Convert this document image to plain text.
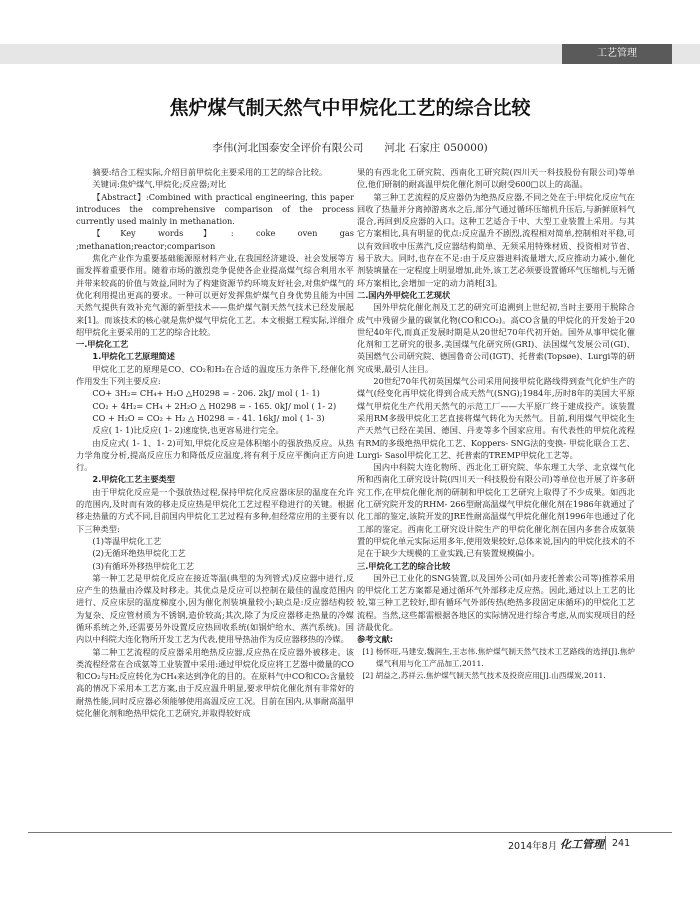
工艺管理
焦炉煤气制天然气中甲烷化工艺的综合比较
李伟(河北国泰安全评价有限公司　　河北 石家庄 050000)

摘要:结合工程实际,介绍目前甲烷化主要采用的工艺的综合比较。

关键词:焦炉煤气,甲烷化;反应器;对比

【Abstract】:Combined with practical engineering, this paper introduces the comprehensive comparison of the process currently used mainly in methanation.

【Key words】: coke oven gas ;methanation;reactor;comparison

焦化产业作为重要基础能源原材料产业,在我国经济建设、社会发展等方面发挥着重要作用。随着市场的激烈竞争促使各企业提高煤气综合利用水平并带来较高的价值与效益,同时为了构建资源节约环境友好社会,对焦炉煤气的优化利用提出更高的要求。一种可以更好发挥焦炉煤气自身优势且能为中国天然气提供有效补充气源的新型技术——焦炉煤气制天然气技术已经发展起来[1]。而该技术的核心就是焦炉煤气甲烷化工艺。本文根据工程实际,详细介绍甲烷化主要采用的工艺的综合比较。

一.甲烷化工艺

1.甲烷化工艺原理简述

甲烷化工艺的原理是CO、CO₂和H₂在合适的温度压力条件下,经催化剂作用发生下列主要反应:

CO+ 3H₂= CH₄+ H₂O △H0298 = - 206. 2kJ/ mol ( 1- 1)

CO₂ + 4H₂= CH₄ + 2H₂O △ H0298 = - 165. 0kJ/ mol ( 1- 2)

CO + H₂O = CO₂ + H₂ △ H0298 = - 41. 16kJ/ mol ( 1- 3)

反应( 1- 1)比反应( 1- 2)速度快,也更容易进行完全。

由反应式( 1- 1、1- 2)可知,甲烷化反应是体积缩小的强放热反应。从热力学角度分析,提高反应压力和降低反应温度,将有利于反应平衡向正方向进行。

2.甲烷化工艺主要类型

由于甲烷化反应是一个强放热过程,保持甲烷化反应器床层的温度在允许的范围内,及时而有效的移走反应热是甲烷化工艺过程平稳进行的关键。根据移走热量的方式不同,目前国内甲烷化工艺过程有多种,但经常应用的主要有以下三种类型:

(1)等温甲烷化工艺

(2)无循环绝热甲烷化工艺

(3)有循环外移热甲烷化工艺

第一种工艺是甲烷化反应在接近等温(典型的为列管式)反应器中进行,反应产生的热量由冷媒及时移走。其优点是反应可以控制在最佳的温度范围内进行、反应床层的温度梯度小,因为催化剂装填量较小;缺点是:反应器结构较为复杂、反应管材质为不锈钢,造价较高;其次,除了为反应器移走热量的冷媒循环系统之外,还需要另外设置反应热回收系统(如锅炉给水、蒸汽系统)。国内以中科院大连化物所开发工艺为代表,使用导热油作为反应器移热的冷媒。

第二种工艺流程的反应器采用绝热反应器,反应热在反应器外被移走。该类流程经常在合成氨等工业装置中采用:通过甲烷化反应将工艺器中微量的CO和CO₂与H₂反应转化为CH₄来达到净化的目的。在原料气中CO和CO₂含量较高的情况下采用本工艺方案,由于反应温升明显,要求甲烷化催化剂有非常好的耐热性能,同时反应器必须能够使用高温反应工况。目前在国内,从事耐高温甲烷化催化剂和绝热甲烷化工艺研究,并取得较好成

果的有西北化工研究院、西南化工研究院(四川天一科技股份有限公司)等单位,他们研制的耐高温甲烷化催化剂可以耐受600□以上的高温。

第三种工艺流程的反应器仍为绝热反应器,不同之处在于:甲烷化反应气在回收了热量并分离掉游离水之后,部分气通过循环压缩机升压后,与新鲜原料气混合,再回到反应器的入口。这种工艺适合于中、大型工业装置上采用。与其它方案相比,具有明显的优点:反应温升不剧烈,流程相对简单,控制相对平稳,可以有效回收中压蒸汽,反应器结构简单、无须采用特殊材质、投资相对节省、易于放大。同时,也存在不足:由于反应器进料流量增大,反应推动力减小,催化剂装填量在一定程度上明显增加,此外,该工艺必须要设置循环气压缩机,与无循环方案相比,会增加一定的动力消耗[3]。

二.国内外甲烷化工艺现状

国外甲烷化催化剂及工艺的研究可追溯到上世纪初,当时主要用于脱除合成气中残留少量的碳氧化物(CO和CO₂)。高CO含量的甲烷化的开发始于20世纪40年代,而真正发展时期是从20世纪70年代初开始。国外从事甲烷化催化剂和工艺研究的很多,美国煤气化研究所(GRI)、法国煤气发展公司(GI)、英国燃气公司研究院、德国鲁奇公司(IGT)、托普索(Topsøe)、Lurgi等的研究成果,最引人注目。

20世纪70年代初英国煤气公司采用间接甲烷化路线得到查气化炉生产的煤气(经变化再甲烷化得到合成天然气(SNG);1984年,历时8年的美国大平原煤气甲烷化生产代用天然气的示范工厂——大平原厂终于建成投产。该装置采用RM多级甲烷化工艺直接将煤气转化为天然气。目前,利用煤气甲烷化生产天然气已经在美国、德国、丹麦等多个国家应用。有代表性的甲烷化流程有RM的多级绝热甲烷化工艺、Koppers- SNG法的变换- 甲烷化联合工艺、Lurgi- Sasol甲烷化工艺、托普索的TREMP甲烷化工艺等。

国内中科院大连化物所、西北化工研究院、华东理工大学、北京煤气化所和西南化工研究设计院(四川天一科技股份有限公司)等单位也开展了许多研究工作,在甲烷化催化剂的研制和甲烷化工艺研究上取得了不少成果。如西北化工研究院开发的RHM- 266型耐高温煤气甲烷化催化剂在1986年就通过了化工部的鉴定,该院开发的JRE性耐高温煤气甲烷化催化剂1996年也通过了化工部的鉴定。西南化工研究设计院生产的甲烷化催化剂在国内多套合成氨装置的甲烷化单元实际运用多年,使用效果较好,总体来说,国内的甲烷化技术的不足在于缺少大规模的工业实践,已有装置规模偏小。

三.甲烷化工艺的综合比较

国外已工业化的SNG装置,以及国外公司(如丹麦托普索公司等)推荐采用的甲烷化工艺方案都是通过循环气外部移走反应热。因此,通过以上工艺的比较,第三种工艺较好,即有循环气外部传热(绝热多段固定床循环)的甲烷化工艺流程。当然,这些都需根据各地区的实际情况进行综合考虑,从而实现项目的经济最优化。

参考文献:

[1] 杨怀旺,马建安,魏润生,王志伟.焦炉煤气制天然气技术工艺路线的选择[J].焦炉煤气利用与化工产品加工,2011.

[2] 胡益之,苏祥云.焦炉煤气制天然气技术及投资应用[J].山西煤炭,2011.

2014年8月 化工管理 241
